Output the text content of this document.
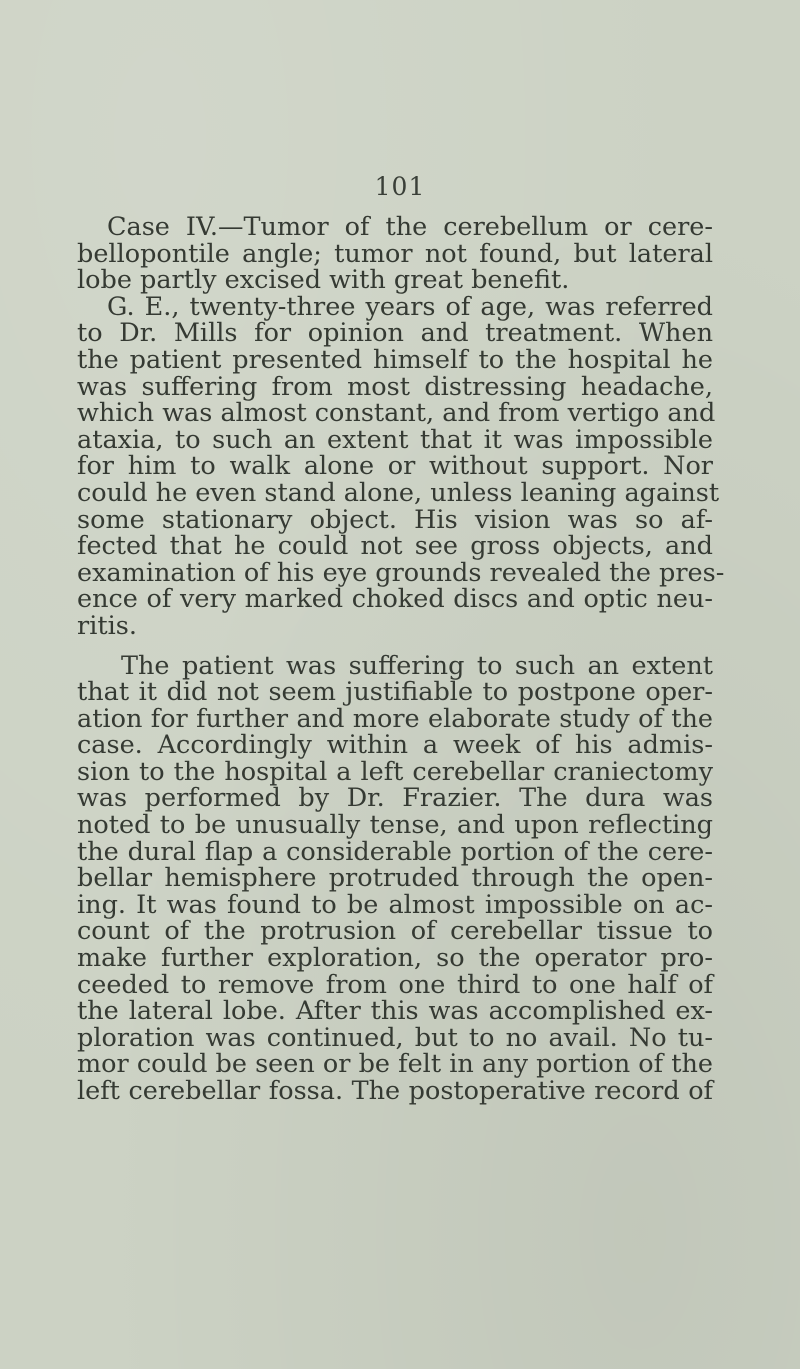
101
Case IV.—Tumor of the cerebellum or cere-
bellopontile angle; tumor not found, but lateral
lobe partly excised with great benefit.
G. E., twenty-three years of age, was referred
to Dr. Mills for opinion and treatment. When
the patient presented himself to the hospital he
was suffering from most distressing headache,
which was almost constant, and from vertigo and
ataxia, to such an extent that it was impossible
for him to walk alone or without support. Nor
could he even stand alone, unless leaning against
some stationary object. His vision was so af-
fected that he could not see gross objects, and
examination of his eye grounds revealed the pres-
ence of very marked choked discs and optic neu-
ritis.
The patient was suffering to such an extent
that it did not seem justifiable to postpone oper-
ation for further and more elaborate study of the
case. Accordingly within a week of his admis-
sion to the hospital a left cerebellar craniectomy
was performed by Dr. Frazier. The dura was
noted to be unusually tense, and upon reflecting
the dural flap a considerable portion of the cere-
bellar hemisphere protruded through the open-
ing. It was found to be almost impossible on ac-
count of the protrusion of cerebellar tissue to
make further exploration, so the operator pro-
ceeded to remove from one third to one half of
the lateral lobe. After this was accomplished ex-
ploration was continued, but to no avail. No tu-
mor could be seen or be felt in any portion of the
left cerebellar fossa. The postoperative record of
